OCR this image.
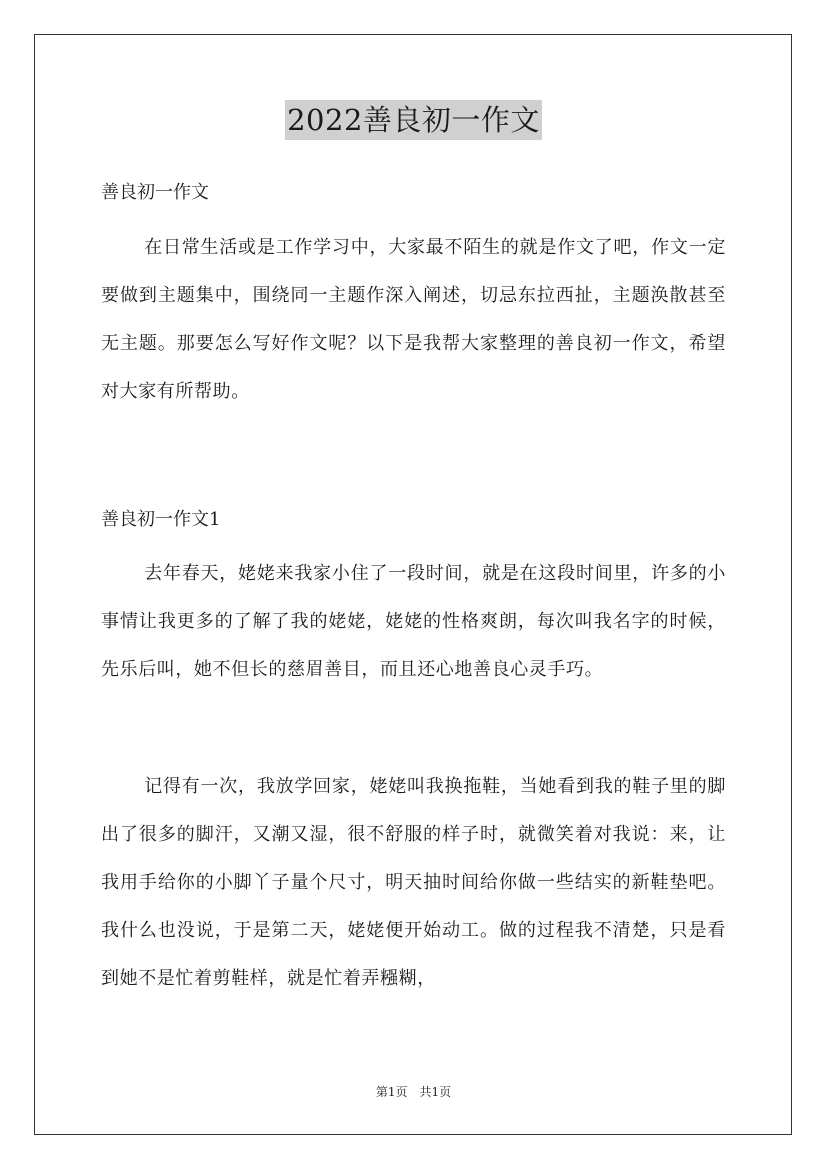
2022善良初一作文
善良初一作文
在日常生活或是工作学习中，大家最不陌生的就是作文了吧，作文一定要做到主题集中，围绕同一主题作深入阐述，切忌东拉西扯，主题涣散甚至无主题。那要怎么写好作文呢？以下是我帮大家整理的善良初一作文，希望对大家有所帮助。
善良初一作文1
去年春天，姥姥来我家小住了一段时间，就是在这段时间里，许多的小事情让我更多的了解了我的姥姥，姥姥的性格爽朗，每次叫我名字的时候，先乐后叫，她不但长的慈眉善目，而且还心地善良心灵手巧。
记得有一次，我放学回家，姥姥叫我换拖鞋，当她看到我的鞋子里的脚出了很多的脚汗，又潮又湿，很不舒服的样子时，就微笑着对我说：来，让我用手给你的小脚丫子量个尺寸，明天抽时间给你做一些结实的新鞋垫吧。我什么也没说，于是第二天，姥姥便开始动工。做的过程我不清楚，只是看到她不是忙着剪鞋样，就是忙着弄糨糊，
第1页　共1页
